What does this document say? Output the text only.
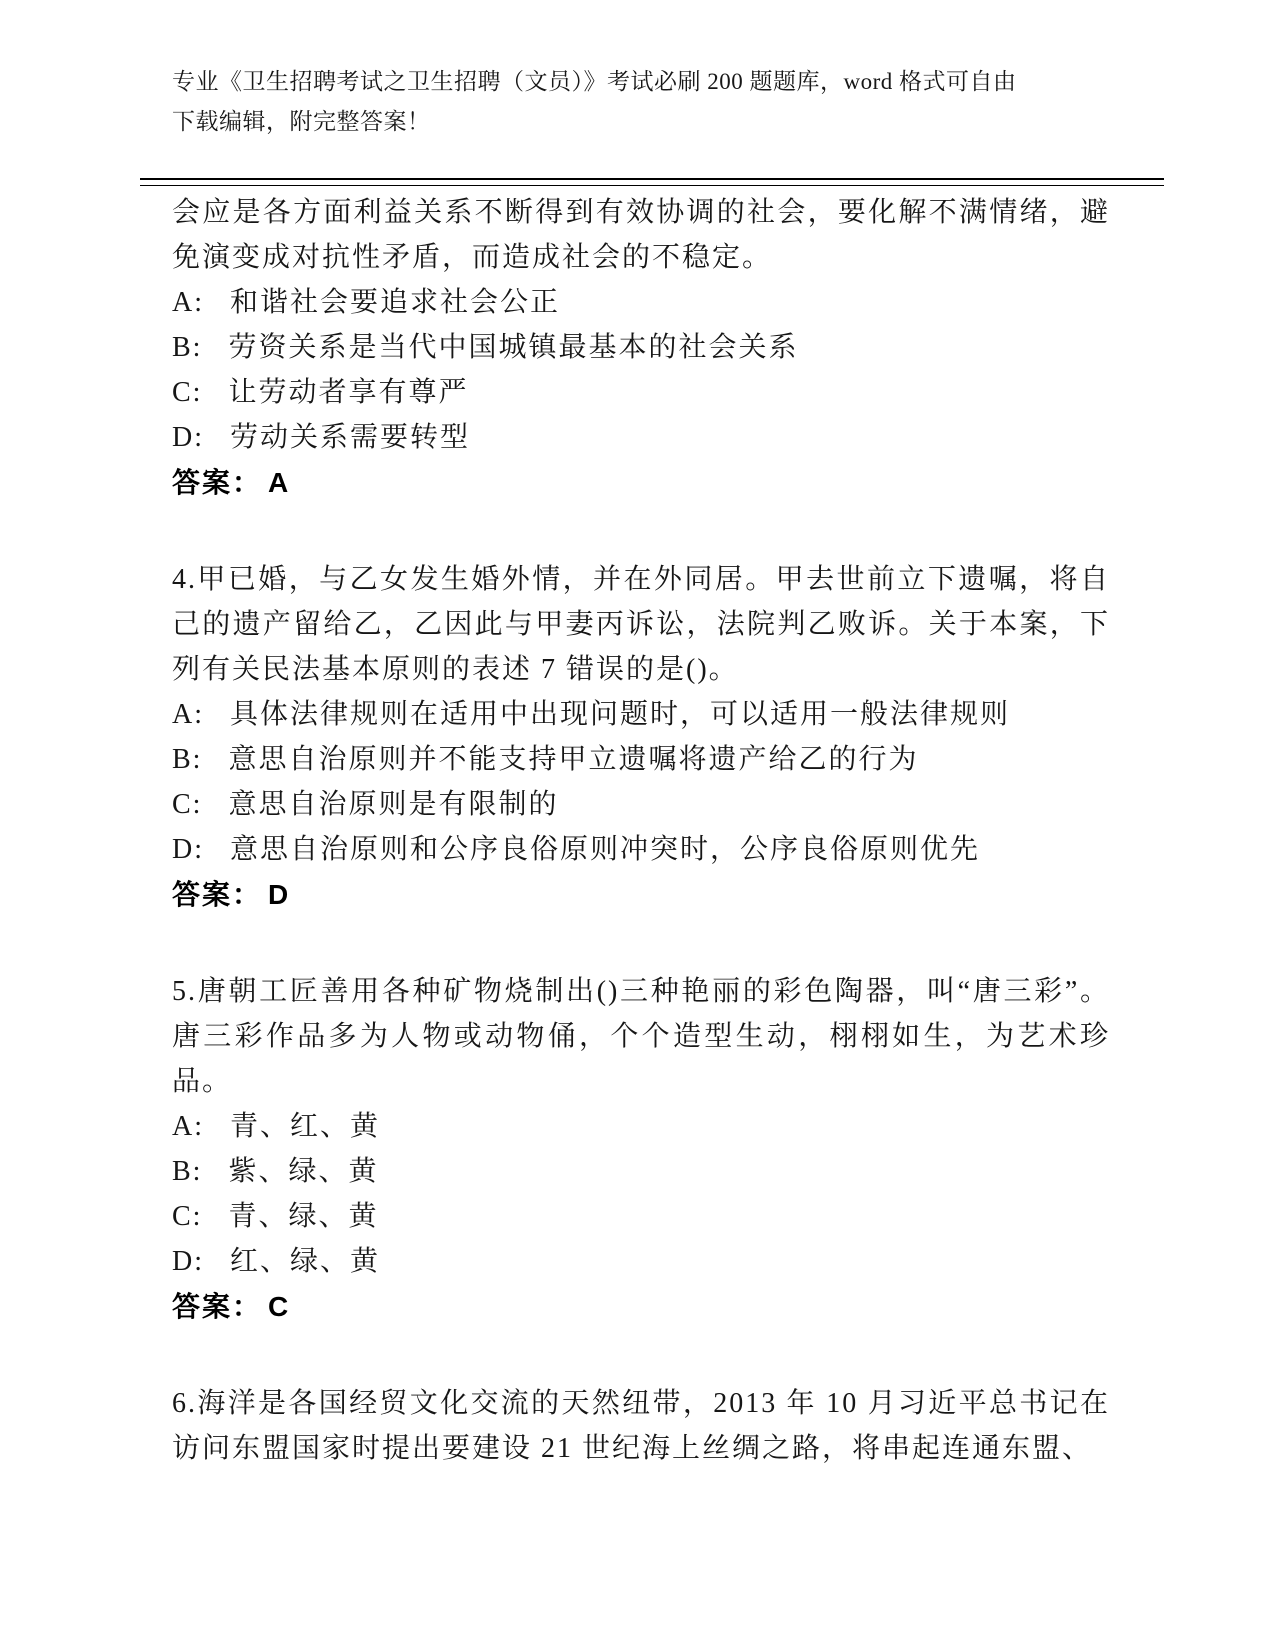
专业《卫生招聘考试之卫生招聘（文员）》考试必刷 200 题题库，word 格式可自由下载编辑，附完整答案！

会应是各方面利益关系不断得到有效协调的社会，要化解不满情绪，避免演变成对抗性矛盾，而造成社会的不稳定。

A: 和谐社会要追求社会公正

B: 劳资关系是当代中国城镇最基本的社会关系

C: 让劳动者享有尊严

D: 劳动关系需要转型

答案： A

4.甲已婚，与乙女发生婚外情，并在外同居。甲去世前立下遗嘱，将自己的遗产留给乙，乙因此与甲妻丙诉讼，法院判乙败诉。关于本案，下列有关民法基本原则的表述 7 错误的是()。

A: 具体法律规则在适用中出现问题时，可以适用一般法律规则

B: 意思自治原则并不能支持甲立遗嘱将遗产给乙的行为

C: 意思自治原则是有限制的

D: 意思自治原则和公序良俗原则冲突时，公序良俗原则优先

答案： D

5.唐朝工匠善用各种矿物烧制出()三种艳丽的彩色陶器，叫“唐三彩”。唐三彩作品多为人物或动物俑，个个造型生动，栩栩如生，为艺术珍品。

A: 青、红、黄

B: 紫、绿、黄

C: 青、绿、黄

D: 红、绿、黄

答案： C

6.海洋是各国经贸文化交流的天然纽带，2013 年 10 月习近平总书记在访问东盟国家时提出要建设 21 世纪海上丝绸之路，将串起连通东盟、
